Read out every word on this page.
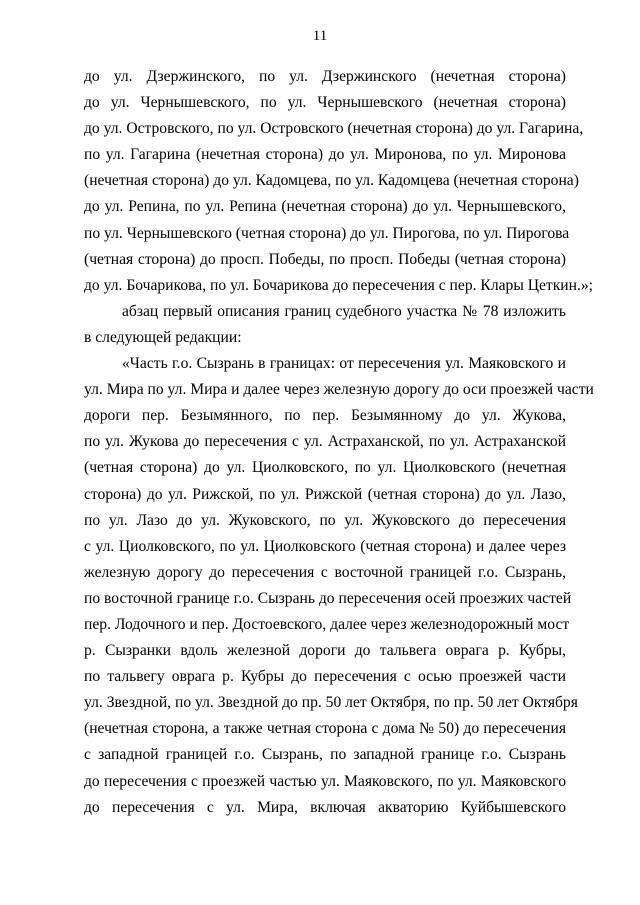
11
до ул. Дзержинского, по ул. Дзержинского (нечетная сторона)
до ул. Чернышевского, по ул. Чернышевского (нечетная сторона)
до ул. Островского, по ул. Островского (нечетная сторона) до ул. Гагарина,
по ул. Гагарина (нечетная сторона) до ул. Миронова, по ул. Миронова
(нечетная сторона) до ул. Кадомцева, по ул. Кадомцева (нечетная сторона)
до ул. Репина, по ул. Репина (нечетная сторона) до ул. Чернышевского,
по ул. Чернышевского (четная сторона) до ул. Пирогова, по ул. Пирогова
(четная сторона) до просп. Победы, по просп. Победы (четная сторона)
до ул. Бочарикова, по ул. Бочарикова до пересечения с пер. Клары Цеткин.»;
абзац первый описания границ судебного участка № 78 изложить
в следующей редакции:
«Часть г.о. Сызрань в границах: от пересечения ул. Маяковского и
ул. Мира по ул. Мира и далее через железную дорогу до оси проезжей части
дороги пер. Безымянного, по пер. Безымянному до ул. Жукова,
по ул. Жукова до пересечения с ул. Астраханской, по ул. Астраханской
(четная сторона) до ул. Циолковского, по ул. Циолковского (нечетная
сторона) до ул. Рижской, по ул. Рижской (четная сторона) до ул. Лазо,
по ул. Лазо до ул. Жуковского, по ул. Жуковского до пересечения
с ул. Циолковского, по ул. Циолковского (четная сторона) и далее через
железную дорогу до пересечения с восточной границей г.о. Сызрань,
по восточной границе г.о. Сызрань до пересечения осей проезжих частей
пер. Лодочного и пер. Достоевского, далее через железнодорожный мост
р. Сызранки вдоль железной дороги до тальвега оврага р. Кубры,
по тальвегу оврага р. Кубры до пересечения с осью проезжей части
ул. Звездной, по ул. Звездной до пр. 50 лет Октября, по пр. 50 лет Октября
(нечетная сторона, а также четная сторона с дома № 50) до пересечения
с западной границей г.о. Сызрань, по западной границе г.о. Сызрань
до пересечения с проезжей частью ул. Маяковского, по ул. Маяковского
до пересечения с ул. Мира, включая акваторию Куйбышевского
